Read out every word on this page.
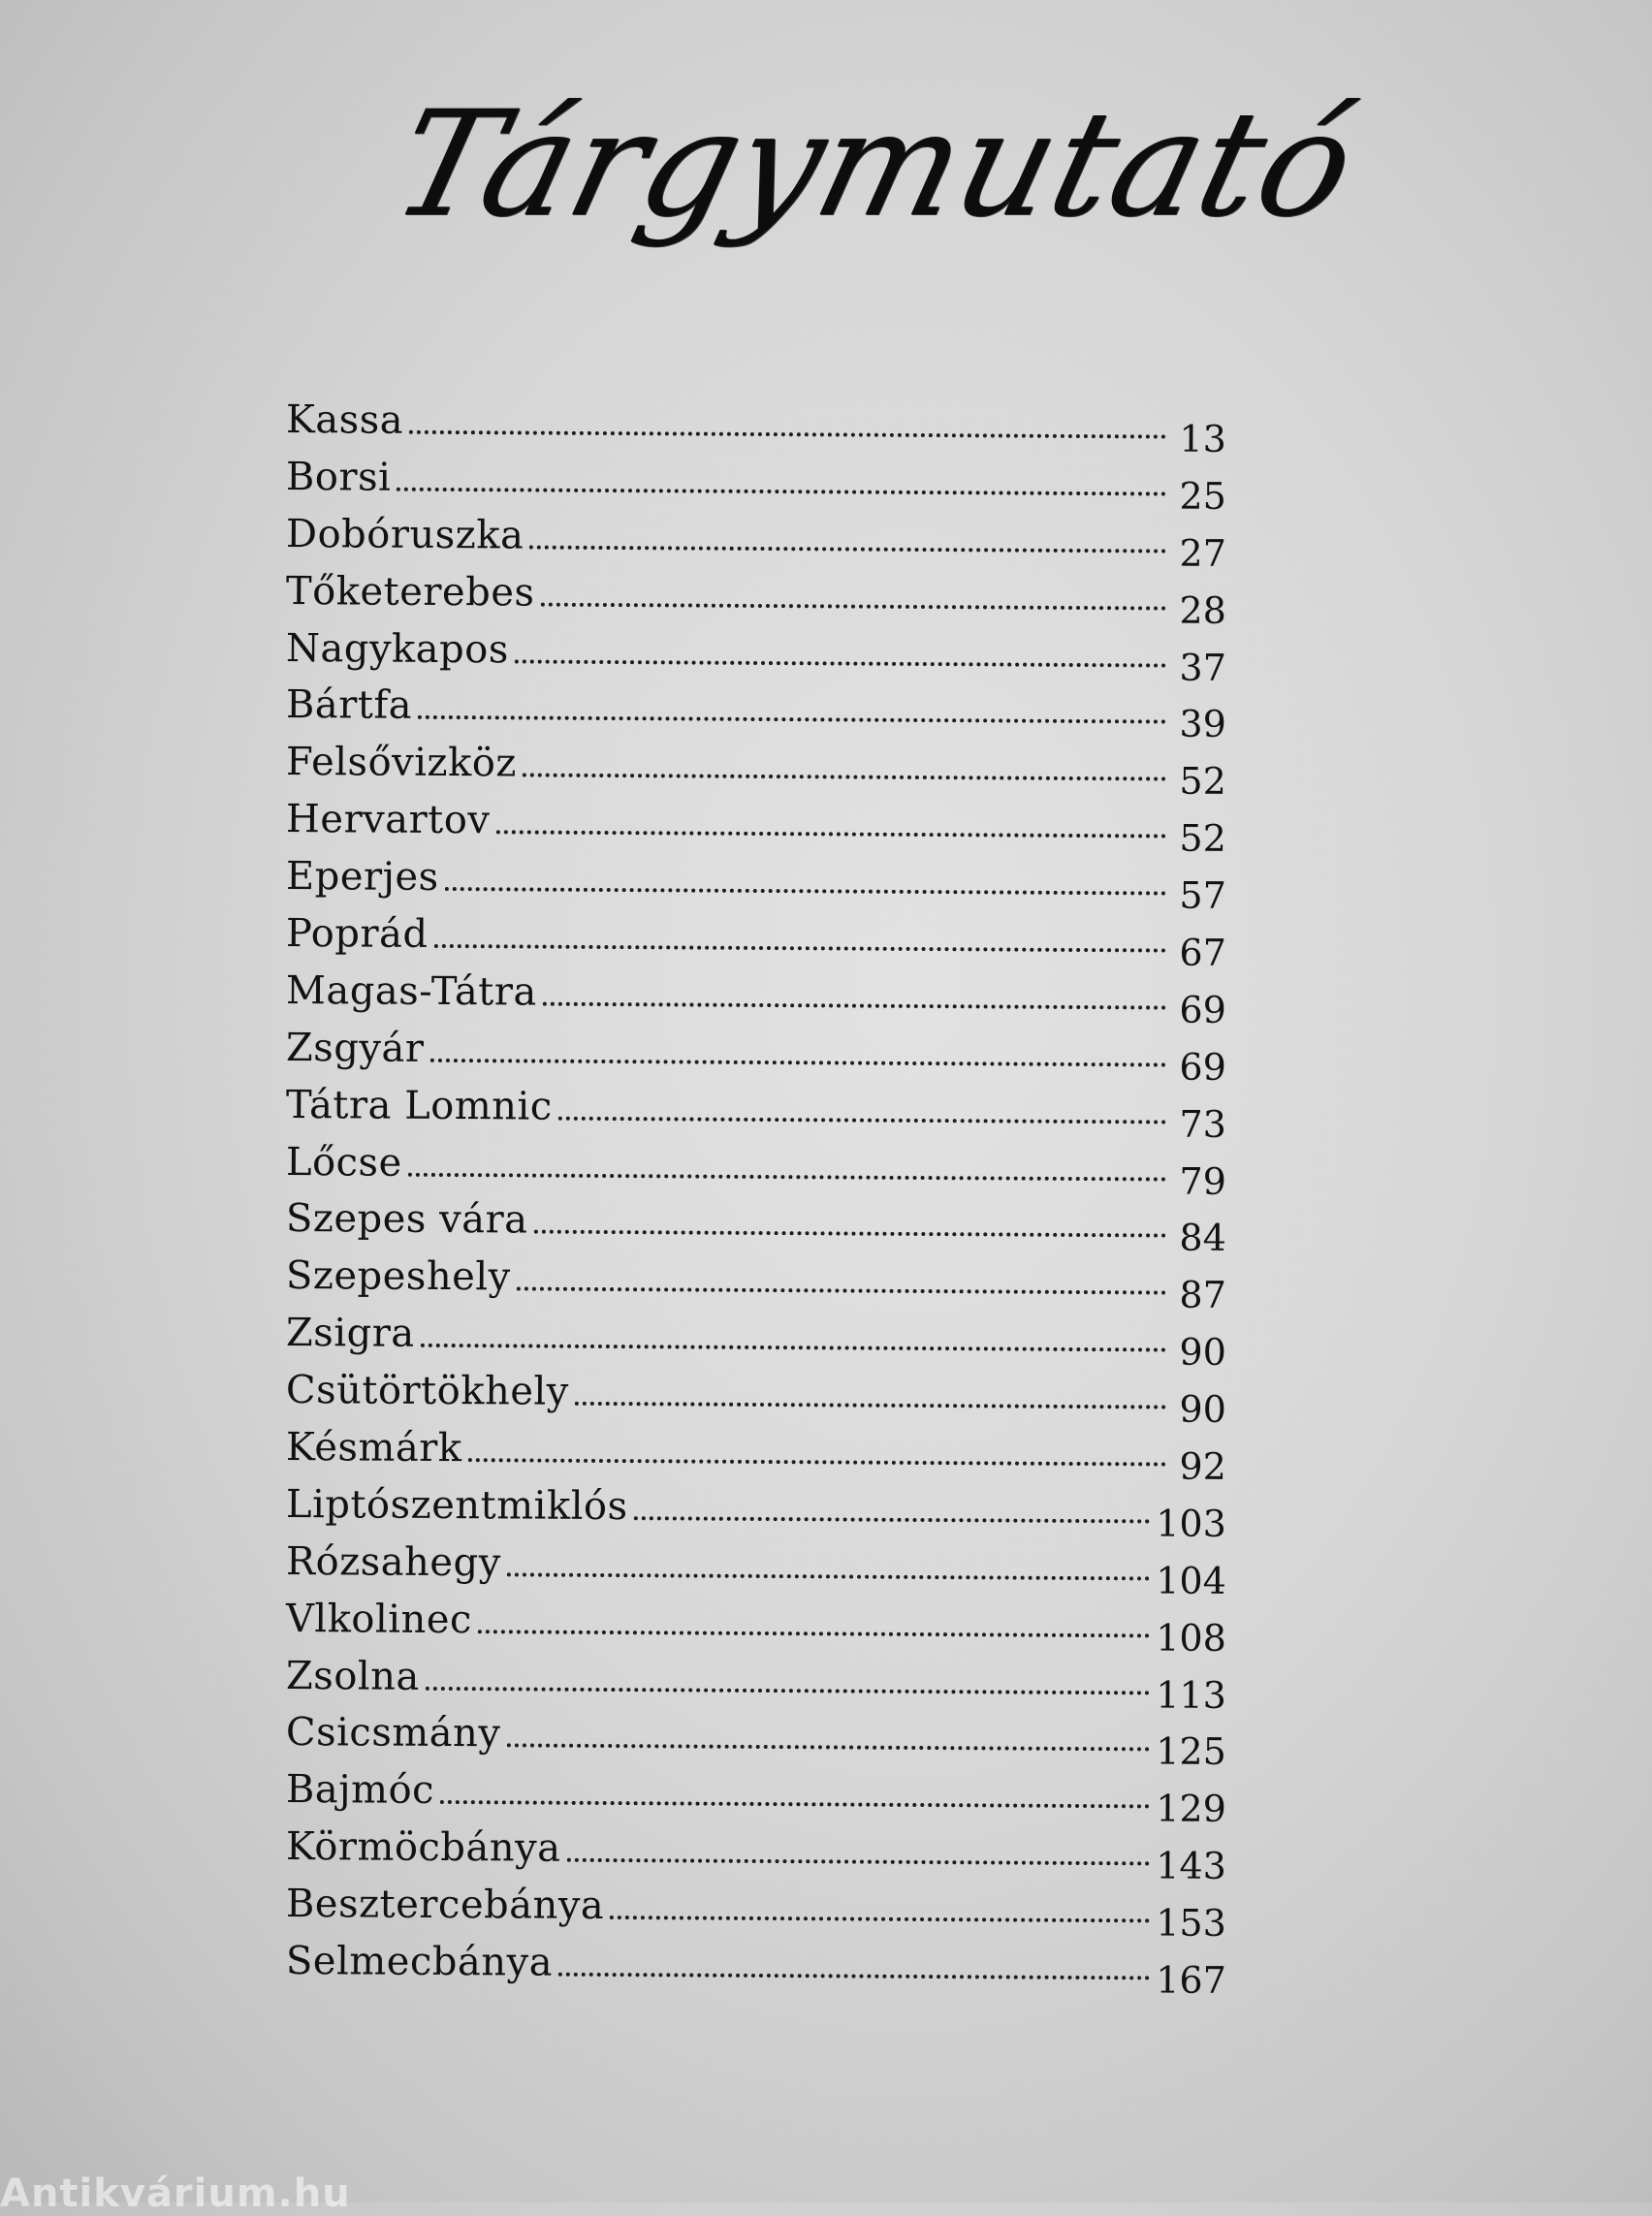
Tárgymutató
Kassa	13
Borsi	25
Dobóruszka	27
Tőketerebes	28
Nagykapos	37
Bártfa	39
Felsővizköz	52
Hervartov	52
Eperjes	57
Poprád	67
Magas-Tátra	69
Zsgyár	69
Tátra Lomnic	73
Lőcse	79
Szepes vára	84
Szepeshely	87
Zsigra	90
Csütörtökhely	90
Késmárk	92
Liptószentmiklós	103
Rózsahegy	104
Vlkolinec	108
Zsolna	113
Csicsmány	125
Bajmóc	129
Körmöcbánya	143
Besztercebánya	153
Selmecbánya	167
Antikvárium.hu
